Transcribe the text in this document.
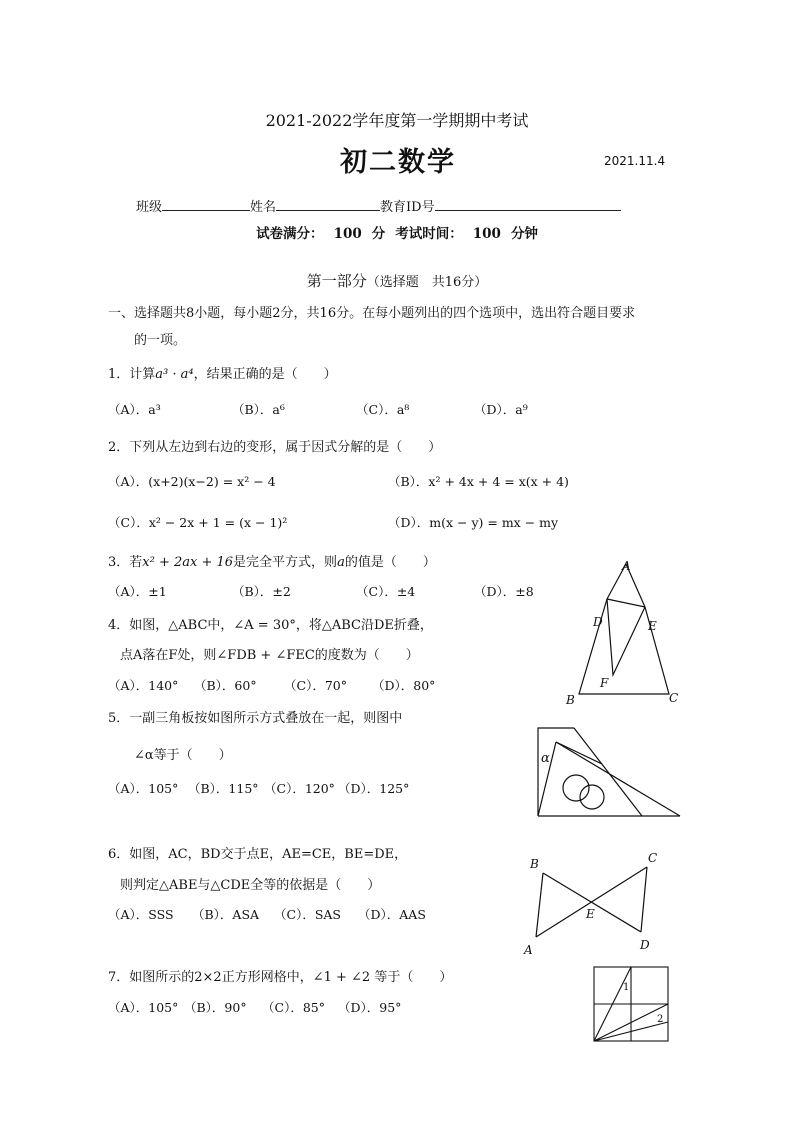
2021-2022学年度第一学期期中考试
初二数学	2021.11.4
班级	姓名	教育ID号
试卷满分： 100 分 考试时间： 100 分钟
第一部分（选择题　共16分）
一、选择题共8小题，每小题2分，共16分。在每小题列出的四个选项中，选出符合题目要求
的一项。
1．计算a³ · a⁴，结果正确的是（　　）
（A）．a³	（B）．a⁶	（C）．a⁸	（D）．a⁹
2．下列从左边到右边的变形，属于因式分解的是（　　）
（A）．(x+2)(x−2) = x² − 4	（B）．x² + 4x + 4 = x(x + 4)
（C）．x² − 2x + 1 = (x − 1)²	（D）．m(x − y) = mx − my
3．若x² + 2ax + 16是完全平方式，则a的值是（　　）
（A）．±1	（B）．±2	（C）．±4	（D）．±8
4．如图，△ABC中，∠A = 30°，将△ABC沿DE折叠，
点A落在F处，则∠FDB + ∠FEC的度数为（　　）
（A）．140° （B）．60° （C）．70° （D）．80°
A
B	C
D	E
F
5．一副三角板按如图所示方式叠放在一起，则图中
∠α等于（　　）
（A）．105° （B）．115° （C）．120° （D）．125°
α
6．如图，AC，BD交于点E，AE=CE，BE=DE，
则判定△ABE与△CDE全等的依据是（　　）
（A）．SSS （B）．ASA （C）．SAS （D）．AAS
B	C
A	D
E
7．如图所示的2×2正方形网格中，∠1 + ∠2 等于（　　）
（A）．105° （B）．90° （C）．85° （D）．95°
1
2
